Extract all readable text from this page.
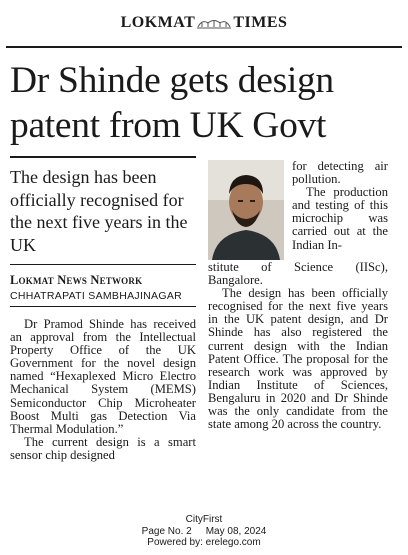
LOKMAT TIMES
Dr Shinde gets design patent from UK Govt
The design has been officially recognised for the next five years in the UK
Lokmat News Network
CHHATRAPATI SAMBHAJINAGAR

Dr Pramod Shinde has received an approval from the Intellectual Property Office of the UK Government for the novel design named “Hexaplexed Micro Electro Mechanical System (MEMS) Semiconductor Chip Microheater Boost Multi gas Detection Via Thermal Modulation.”

The current design is a smart sensor chip designed

for detecting air pollution.

The production and testing of this microchip was carried out at the Indian In-

stitute of Science (IISc), Bangalore.

The design has been officially recognised for the next five years in the UK patent design, and Dr Shinde has also registered the current design with the Indian Patent Office. The proposal for the research work was approved by Indian Institute of Sciences, Bengaluru in 2020 and Dr Shinde was the only candidate from the state among 20 across the country.

CityFirst
Page No. 2 May 08, 2024
Powered by: erelego.com
